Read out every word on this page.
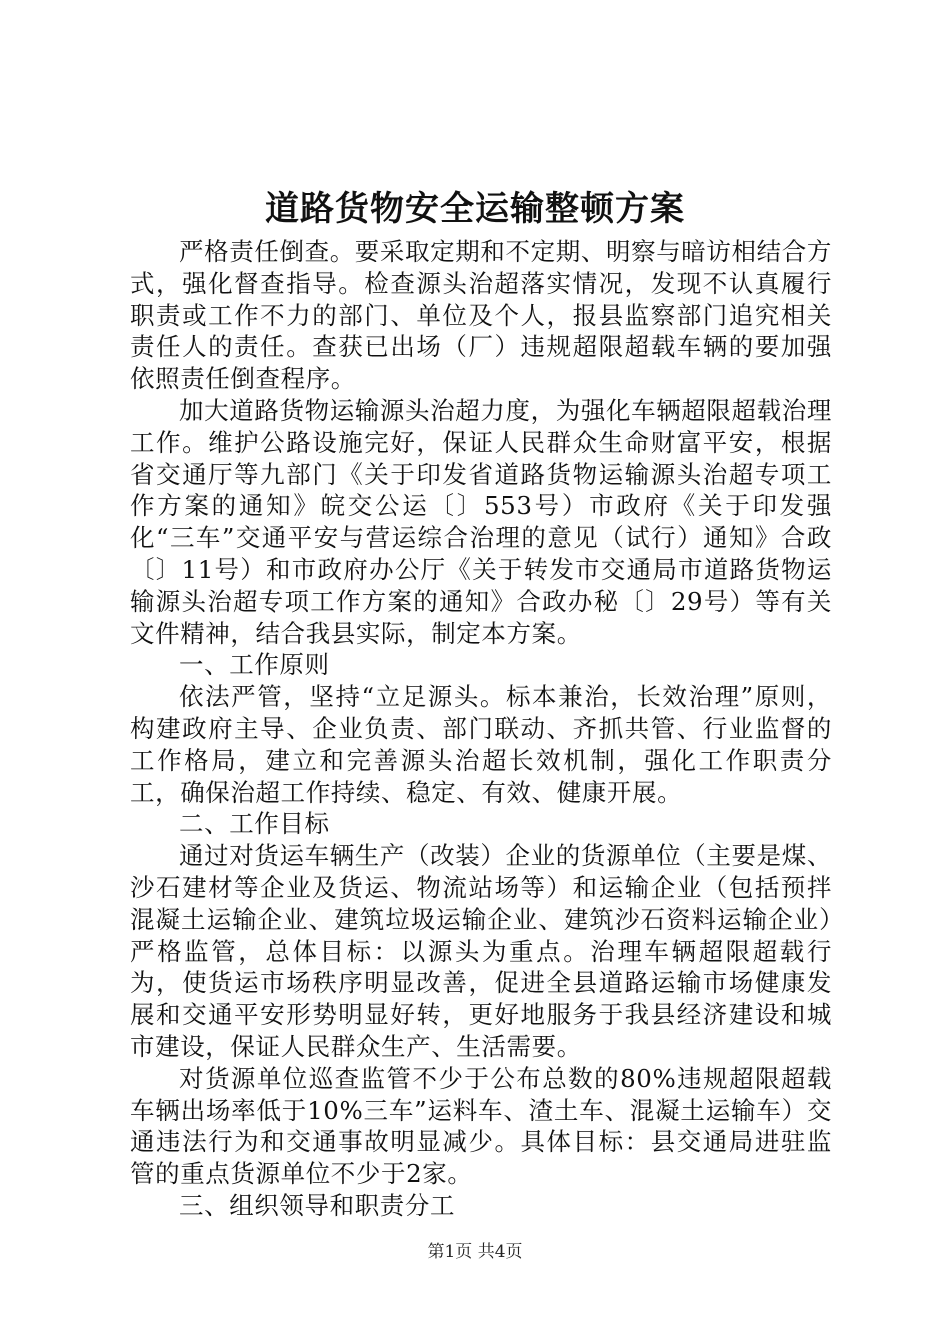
道路货物安全运输整顿方案

严格责任倒查。要采取定期和不定期、明察与暗访相结合方式，强化督查指导。检查源头治超落实情况，发现不认真履行职责或工作不力的部门、单位及个人，报县监察部门追究相关责任人的责任。查获已出场（厂）违规超限超载车辆的要加强依照责任倒查程序。

加大道路货物运输源头治超力度，为强化车辆超限超载治理工作。维护公路设施完好，保证人民群众生命财富平安，根据省交通厅等九部门《关于印发省道路货物运输源头治超专项工作方案的通知》皖交公运〔〕553号）市政府《关于印发强化“三车”交通平安与营运综合治理的意见（试行）通知》合政〔〕11号）和市政府办公厅《关于转发市交通局市道路货物运输源头治超专项工作方案的通知》合政办秘〔〕29号）等有关文件精神，结合我县实际，制定本方案。

一、工作原则

依法严管，坚持“立足源头。标本兼治，长效治理”原则，构建政府主导、企业负责、部门联动、齐抓共管、行业监督的工作格局，建立和完善源头治超长效机制，强化工作职责分工，确保治超工作持续、稳定、有效、健康开展。

二、工作目标

通过对货运车辆生产（改装）企业的货源单位（主要是煤、沙石建材等企业及货运、物流站场等）和运输企业（包括预拌混凝土运输企业、建筑垃圾运输企业、建筑沙石资料运输企业）严格监管，总体目标：以源头为重点。治理车辆超限超载行为，使货运市场秩序明显改善，促进全县道路运输市场健康发展和交通平安形势明显好转，更好地服务于我县经济建设和城市建设，保证人民群众生产、生活需要。

对货源单位巡查监管不少于公布总数的80%违规超限超载车辆出场率低于10%三车”运料车、渣土车、混凝土运输车）交通违法行为和交通事故明显减少。具体目标：县交通局进驻监管的重点货源单位不少于2家。

三、组织领导和职责分工

第1页 共4页
